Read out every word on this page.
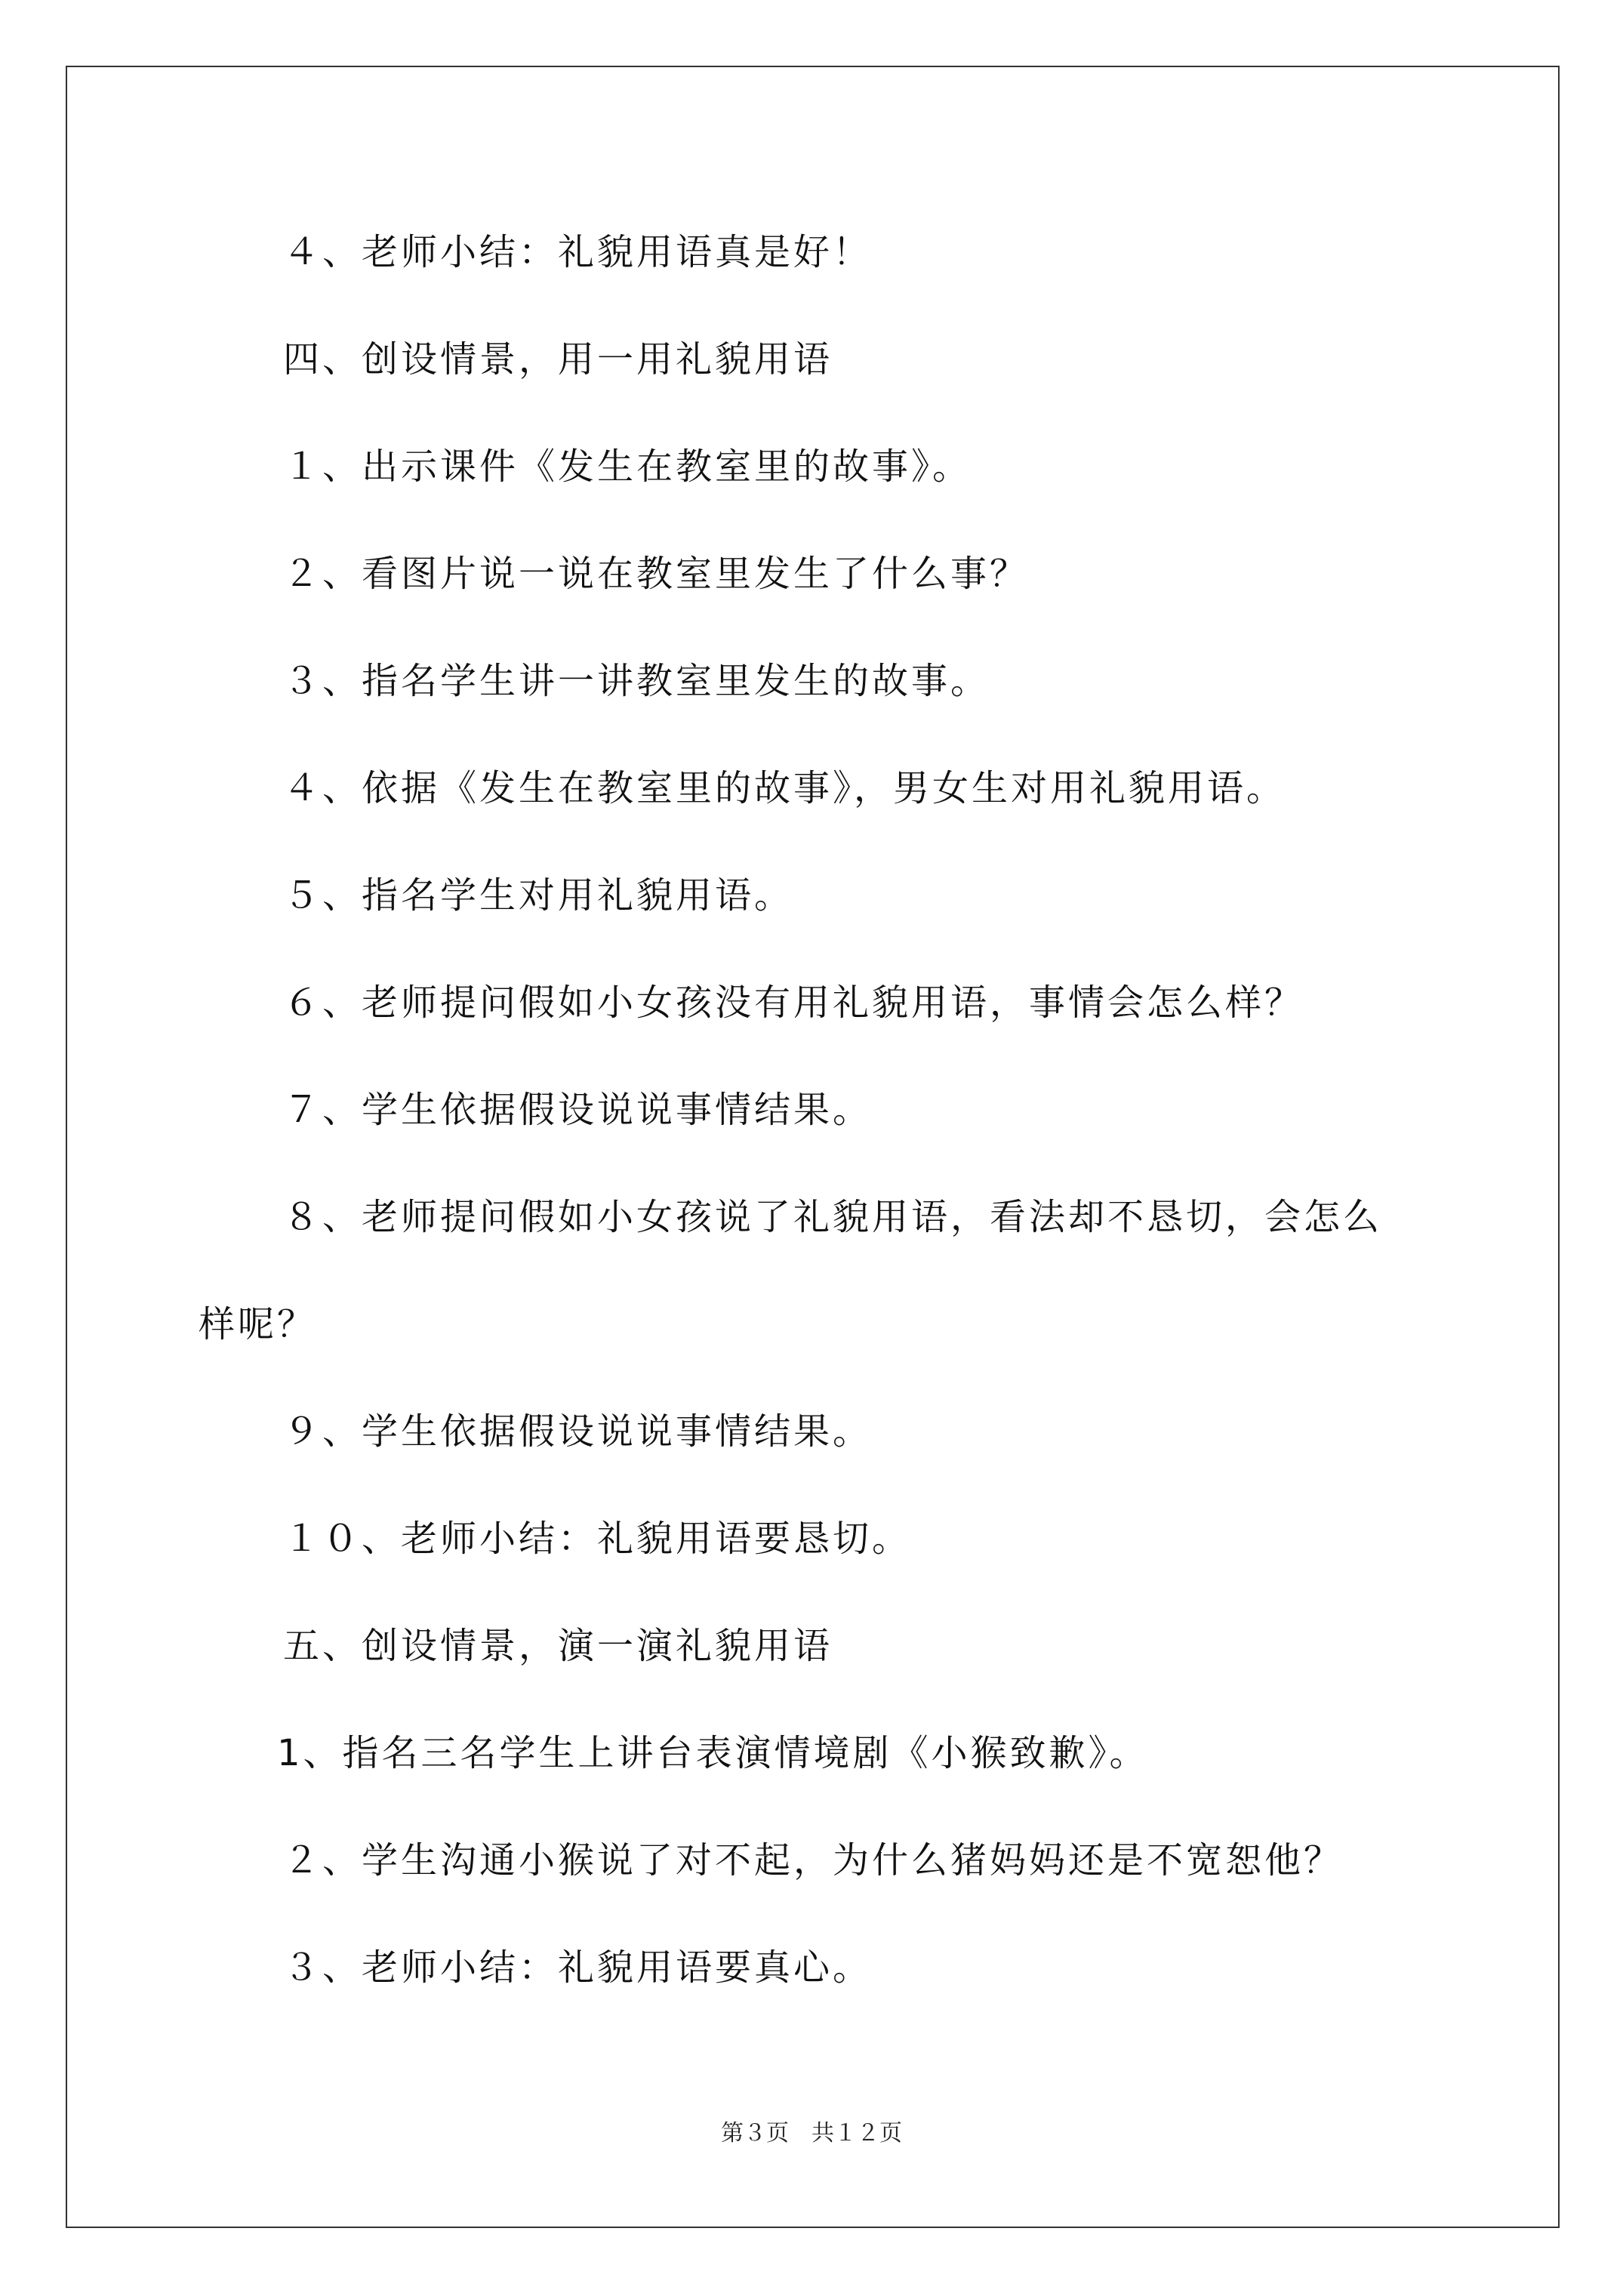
４、老师小结：礼貌用语真是好！
四、创设情景，用一用礼貌用语
１、出示课件《发生在教室里的故事》。
２、看图片说一说在教室里发生了什么事？
３、指名学生讲一讲教室里发生的故事。
４、依据《发生在教室里的故事》，男女生对用礼貌用语。
５、指名学生对用礼貌用语。
６、老师提问假如小女孩没有用礼貌用语，事情会怎么样？
７、学生依据假设说说事情结果。
８、老师提问假如小女孩说了礼貌用语，看法却不恳切，会怎么
样呢？
９、学生依据假设说说事情结果。
１０、老师小结：礼貌用语要恳切。
五、创设情景，演一演礼貌用语
1、指名三名学生上讲台表演情境剧《小猴致歉》。
２、学生沟通小猴说了对不起，为什么猪妈妈还是不宽恕他？
３、老师小结：礼貌用语要真心。
第３页　共１２页
